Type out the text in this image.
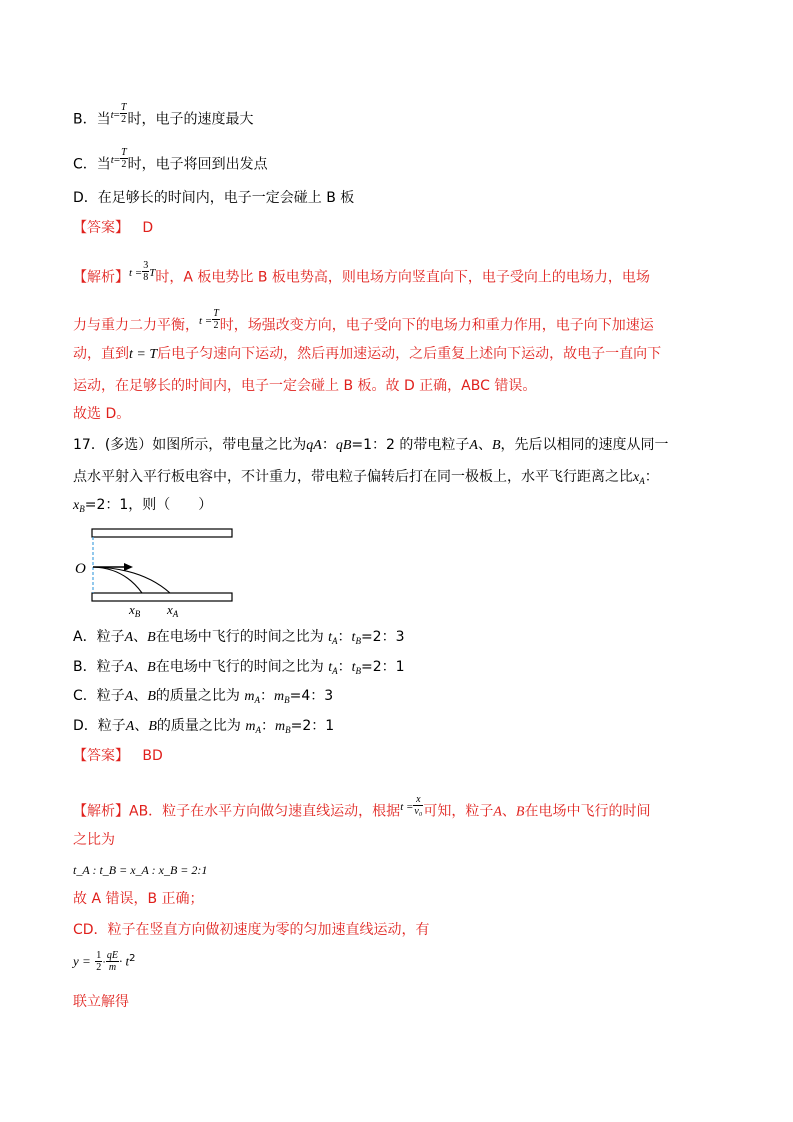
B．当$^{t=} \frac{T}{2}$ 时，电子的速度最大
C．当$^{t=} \frac{T}{2}$ 时，电子将回到出发点
D．在足够长的时间内，电子一定会碰上 B 板
【答案】 D
【解析】$^{t =} \frac{3}{8} ^T$时，A 板电势比 B 板电势高，则电场方向竖直向下，电子受向上的电场力，电场
力与重力二力平衡，$^{t =} \frac{T}{2}$ 时，场强改变方向，电子受向下的电场力和重力作用，电子向下加速运
动，直到t = T后电子匀速向下运动，然后再加速运动，之后重复上述向下运动，故电子一直向下
运动，在足够长的时间内，电子一定会碰上 B 板。故 D 正确，ABC 错误。
故选 D。
17．(多选）如图所示，带电量之比为qA：qB=1：2 的带电粒子A、B，先后以相同的速度从同一
点水平射入平行板电容中，不计重力，带电粒子偏转后打在同一极板上，水平飞行距离之比$x_A$：
$x_B=2$：1，则（　　）
O
$x_B$ $x_A$
A．粒子A、B在电场中飞行的时间之比为 $t_A$：$t_B=2$：3
B．粒子A、B在电场中飞行的时间之比为 $t_A$：$t_B=2$：1
C．粒子A、B的质量之比为 $m_A$：$m_B=4$：3
D．粒子A、B的质量之比为 $m_A$：$m_B=2$：1
【答案】 BD
【解析】AB．粒子在水平方向做匀速直线运动，根据$^{t =} \frac{x}{\text{v₀}}$ 可知，粒子A、B在电场中飞行的时间
之比为
t_A : t_B = x_A : x_B = 2:1
故 A 错误，B 正确；
CD．粒子在竖直方向做初速度为零的匀加速直线运动，有
$y = \frac{1}{2} \cdot \frac{qE}{m} \cdot t^2$
联立解得
